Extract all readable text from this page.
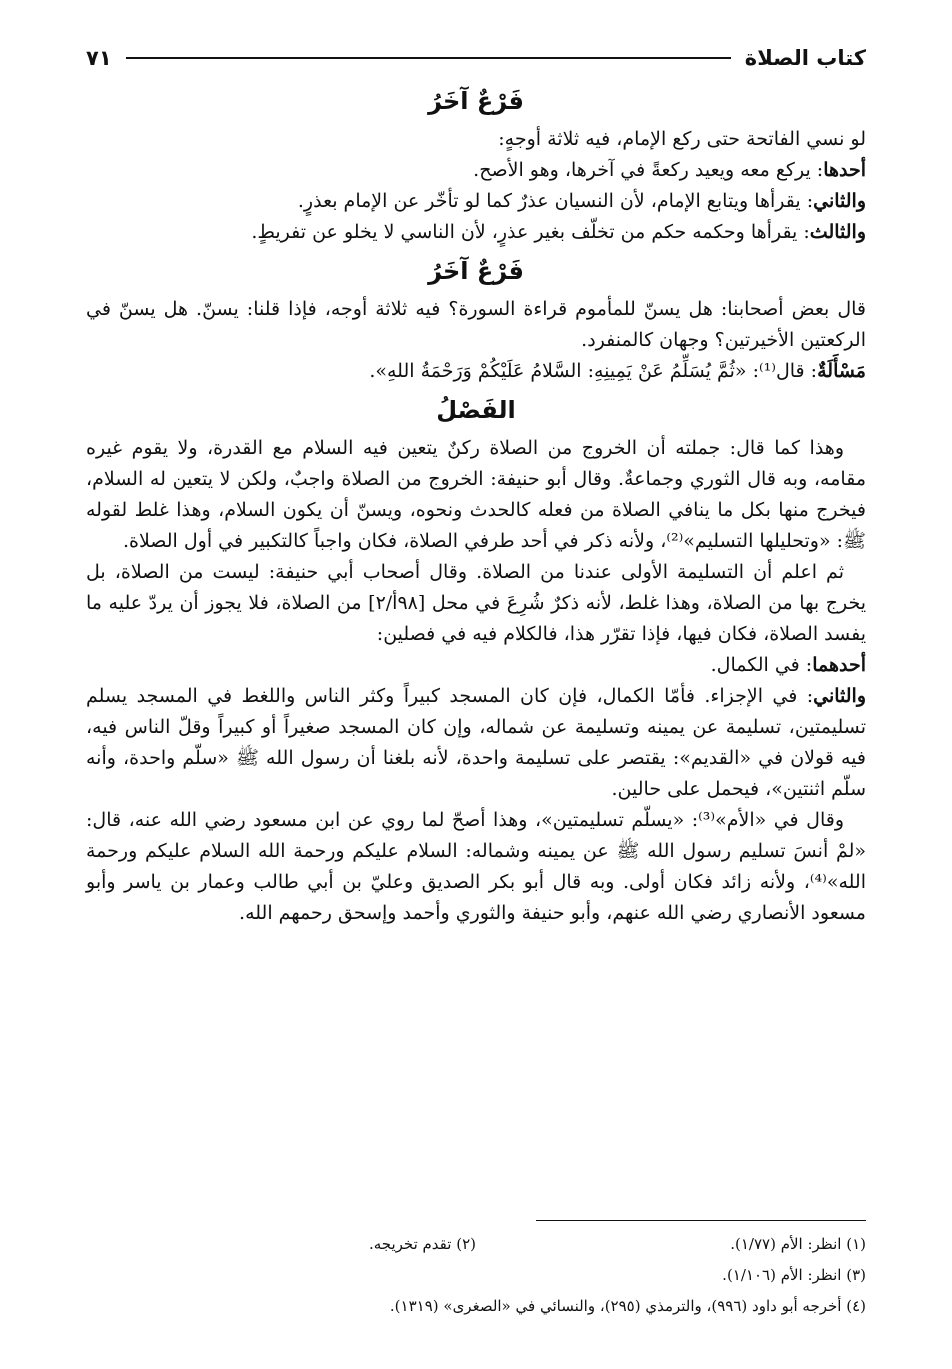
كتاب الصلاة
٧١
فَرْعٌ آخَرُ

لو نسي الفاتحة حتى ركع الإمام، فيه ثلاثة أوجهٍ:

أحدها: يركع معه ويعيد ركعةً في آخرها، وهو الأصح.

والثاني: يقرأها ويتابع الإمام، لأن النسيان عذرٌ كما لو تأخّر عن الإمام بعذرٍ.

والثالث: يقرأها وحكمه حكم من تخلّف بغير عذرٍ، لأن الناسي لا يخلو عن تفريطٍ.

فَرْعٌ آخَرُ

قال بعض أصحابنا: هل يسنّ للمأموم قراءة السورة؟ فيه ثلاثة أوجه، فإذا قلنا: يسنّ. هل يسنّ في الركعتين الأخيرتين؟ وجهان كالمنفرد.

مَسْأَلَةٌ: قال⁽¹⁾: «ثُمَّ يُسَلِّمُ عَنْ يَمِينِهِ: السَّلامُ عَلَيْكُمْ وَرَحْمَةُ اللهِ».

الفَصْلُ

وهذا كما قال: جملته أن الخروج من الصلاة ركنٌ يتعين فيه السلام مع القدرة، ولا يقوم غيره مقامه، وبه قال الثوري وجماعةٌ. وقال أبو حنيفة: الخروج من الصلاة واجبٌ، ولكن لا يتعين له السلام، فيخرج منها بكل ما ينافي الصلاة من فعله كالحدث ونحوه، ويسنّ أن يكون السلام، وهذا غلط لقوله ﷺ: «وتحليلها التسليم»⁽²⁾، ولأنه ذكر في أحد طرفي الصلاة، فكان واجباً كالتكبير في أول الصلاة.

ثم اعلم أن التسليمة الأولى عندنا من الصلاة. وقال أصحاب أبي حنيفة: ليست من الصلاة، بل يخرج بها من الصلاة، وهذا غلط، لأنه ذكرٌ شُرِعَ في محل [٩٨أ/٢] من الصلاة، فلا يجوز أن يردّ عليه ما يفسد الصلاة، فكان فيها، فإذا تقرّر هذا، فالكلام فيه في فصلين:

أحدهما: في الكمال.

والثاني: في الإجزاء. فأمّا الكمال، فإن كان المسجد كبيراً وكثر الناس واللغط في المسجد يسلم تسليمتين، تسليمة عن يمينه وتسليمة عن شماله، وإن كان المسجد صغيراً أو كبيراً وقلّ الناس فيه، فيه قولان في «القديم»: يقتصر على تسليمة واحدة، لأنه بلغنا أن رسول الله ﷺ «سلّم واحدة، وأنه سلّم اثنتين»، فيحمل على حالين.

وقال في «الأم»⁽³⁾: «يسلّم تسليمتين»، وهذا أصحّ لما روي عن ابن مسعود رضي الله عنه، قال: «لمْ أنسَ تسليم رسول الله ﷺ عن يمينه وشماله: السلام عليكم ورحمة الله السلام عليكم ورحمة الله»⁽⁴⁾، ولأنه زائد فكان أولى. وبه قال أبو بكر الصديق وعليّ بن أبي طالب وعمار بن ياسر وأبو مسعود الأنصاري رضي الله عنهم، وأبو حنيفة والثوري وأحمد وإسحق رحمهم الله.

(١) انظر: الأم (١/٧٧).
(٢) تقدم تخريجه.
(٣) انظر: الأم (١/١٠٦).
(٤) أخرجه أبو داود (٩٩٦)، والترمذي (٢٩٥)، والنسائي في «الصغرى» (١٣١٩).
